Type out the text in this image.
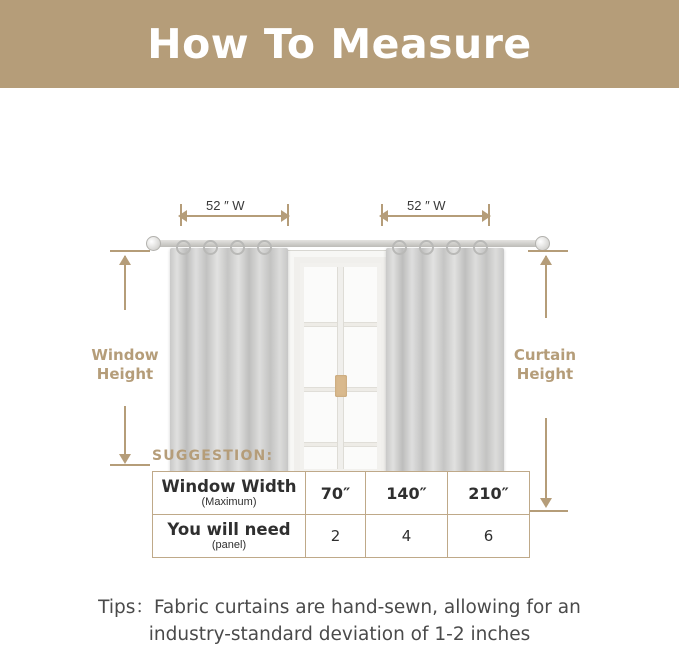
How To Measure
52 ″ W	52 ″ W
Window
Height
Curtain
Height
SUGGESTION:
Window Width
(Maximum)	70″	140″	210″

You will need
(panel)	2	4	6
Tips：Fabric curtains are hand-sewn, allowing for an
industry-standard deviation of 1-2 inches
